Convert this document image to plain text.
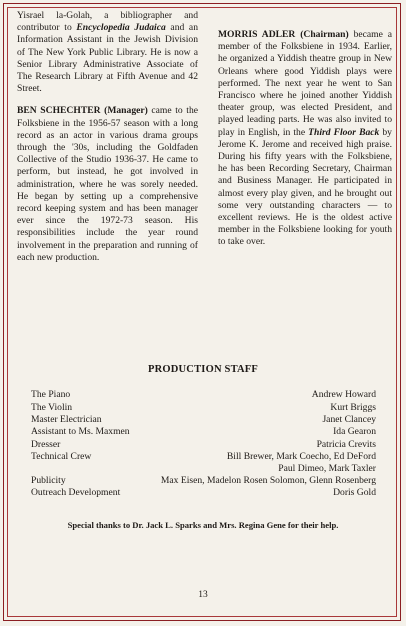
Yisrael la-Golah, a bibliographer and contributor to Encyclopedia Judaica and an Information Assistant in the Jewish Division of The New York Public Library. He is now a Senior Library Administrative Associate of The Research Library at Fifth Avenue and 42 Street.

BEN SCHECHTER (Manager) came to the Folksbiene in the 1956-57 season with a long record as an actor in various drama groups through the '30s, including the Goldfaden Collective of the Studio 1936-37. He came to perform, but instead, he got involved in administration, where he was sorely needed. He began by setting up a comprehensive record keeping system and has been manager ever since the 1972-73 season. His responsibilities include the year round involvement in the preparation and running of each new production.

MORRIS ADLER (Chairman) became a member of the Folksbiene in 1934. Earlier, he organized a Yiddish theatre group in New Orleans where good Yiddish plays were performed. The next year he went to San Francisco where he joined another Yiddish theater group, was elected President, and played leading parts. He was also invited to play in English, in the Third Floor Back by Jerome K. Jerome and received high praise. During his fifty years with the Folksbiene, he has been Recording Secretary, Chairman and Business Manager. He participated in almost every play given, and he brought out some very outstanding characters — to excellent reviews. He is the oldest active member in the Folksbiene looking for youth to take over.

PRODUCTION STAFF
The Piano
The Violin
Master Electrician
Assistant to Ms. Maxmen
Dresser
Technical Crew
Publicity
Outreach Development
Andrew Howard
Kurt Briggs
Janet Clancey
Ida Gearon
Patricia Crevits
Bill Brewer, Mark Coecho, Ed DeFord
Paul Dimeo, Mark Taxler
Max Eisen, Madelon Rosen Solomon, Glenn Rosenberg
Doris Gold
Special thanks to Dr. Jack L. Sparks and Mrs. Regina Gene for their help.
13
